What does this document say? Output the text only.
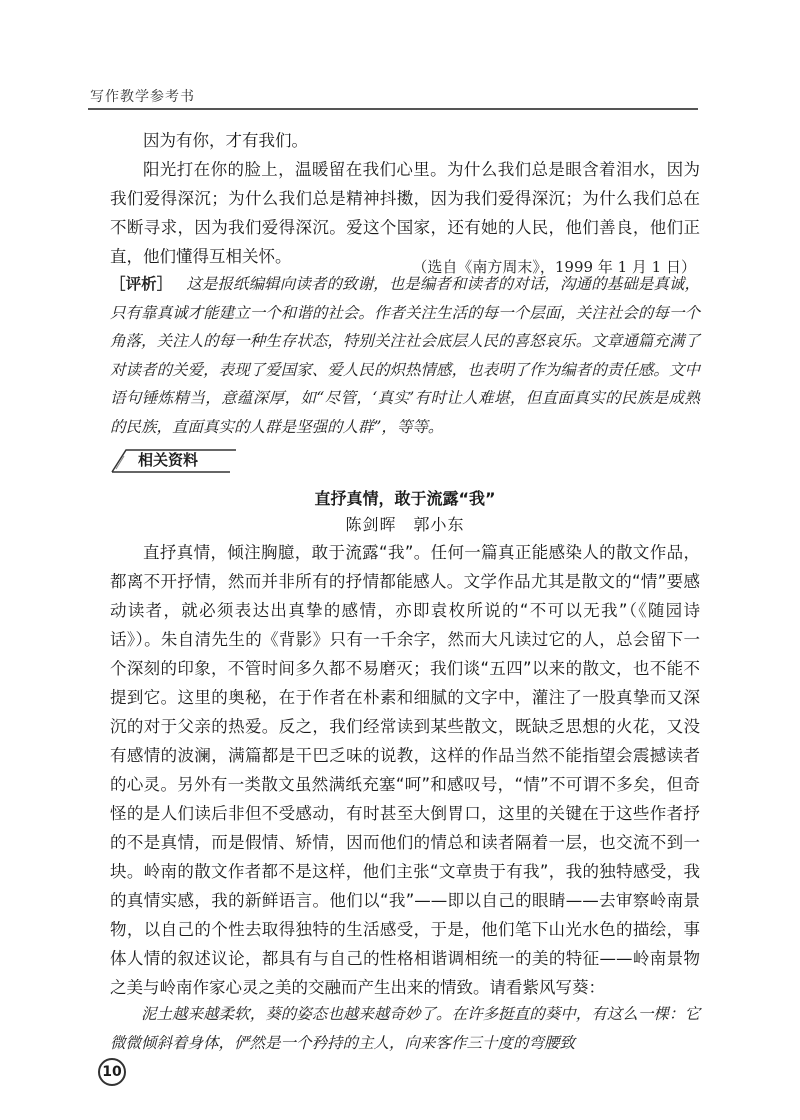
写作教学参考书

因为有你，才有我们。

阳光打在你的脸上，温暖留在我们心里。为什么我们总是眼含着泪水，因为我们爱得深沉；为什么我们总是精神抖擞，因为我们爱得深沉；为什么我们总在不断寻求，因为我们爱得深沉。爱这个国家，还有她的人民，他们善良，他们正直，他们懂得互相关怀。

（选自《南方周末》，1999 年 1 月 1 日）
［评析］ 这是报纸编辑向读者的致谢，也是编者和读者的对话，沟通的基础是真诚，只有靠真诚才能建立一个和谐的社会。作者关注生活的每一个层面，关注社会的每一个角落，关注人的每一种生存状态，特别关注社会底层人民的喜怒哀乐。文章通篇充满了对读者的关爱，表现了爱国家、爱人民的炽热情感，也表明了作为编者的责任感。文中语句锤炼精当，意蕴深厚，如“尽管，‘真实’有时让人难堪，但直面真实的民族是成熟的民族，直面真实的人群是坚强的人群”，等等。
相关资料
直抒真情，敢于流露“我”
陈剑晖　郭小东
直抒真情，倾注胸臆，敢于流露“我”。任何一篇真正能感染人的散文作品，都离不开抒情，然而并非所有的抒情都能感人。文学作品尤其是散文的“情”要感动读者，就必须表达出真挚的感情，亦即袁枚所说的“不可以无我”（《随园诗话》）。朱自清先生的《背影》只有一千余字，然而大凡读过它的人，总会留下一个深刻的印象，不管时间多久都不易磨灭；我们谈“五四”以来的散文，也不能不提到它。这里的奥秘，在于作者在朴素和细腻的文字中，灌注了一股真挚而又深沉的对于父亲的热爱。反之，我们经常读到某些散文，既缺乏思想的火花，又没有感情的波澜，满篇都是干巴乏味的说教，这样的作品当然不能指望会震撼读者的心灵。另外有一类散文虽然满纸充塞“呵”和感叹号，“情”不可谓不多矣，但奇怪的是人们读后非但不受感动，有时甚至大倒胃口，这里的关键在于这些作者抒的不是真情，而是假情、矫情，因而他们的情总和读者隔着一层，也交流不到一块。岭南的散文作者都不是这样，他们主张“文章贵于有我”，我的独特感受，我的真情实感，我的新鲜语言。他们以“我”——即以自己的眼睛——去审察岭南景物，以自己的个性去取得独特的生活感受，于是，他们笔下山光水色的描绘，事体人情的叙述议论，都具有与自己的性格相谐调相统一的美的特征——岭南景物之美与岭南作家心灵之美的交融而产生出来的情致。请看紫风写葵：
泥土越来越柔软，葵的姿态也越来越奇妙了。在许多挺直的葵中，有这么一棵：它微微倾斜着身体，俨然是一个矜持的主人，向来客作三十度的弯腰致
10
